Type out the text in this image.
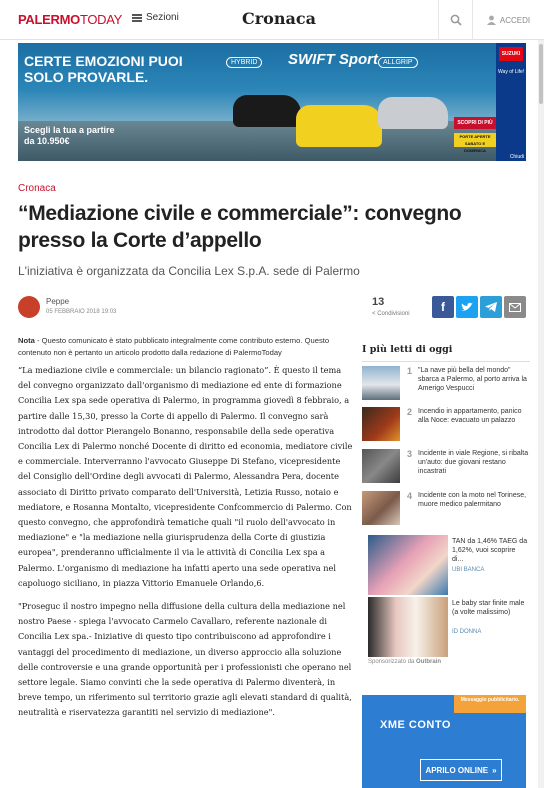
PALERMOTODAY Sezioni	Cronaca	ACCEDI
CERTE EMOZIONI PUOI SOLO PROVARLE.
HYBRID	SWIFT Sport ALLGRIP
Scegli la tua a partire da 10.950€
SUZUKI
Way of Life!
SCOPRI DI PIÙ
PORTE APERTE SABATO E DOMENICA
Chiudi
Cronaca
“Mediazione civile e commerciale”: convegno presso la Corte d’appello
L'iniziativa è organizzata da Concilia Lex S.p.A. sede di Palermo
Peppe
05 FEBBRAIO 2018 19:03
13
< Condivisioni	f
Nota - Questo comunicato è stato pubblicato integralmente come contributo esterno. Questo contenuto non è pertanto un articolo prodotto dalla redazione di PalermoToday

“La mediazione civile e commerciale: un bilancio ragionato”. È questo il tema del convegno organizzato dall'organismo di mediazione ed ente di formazione Concilia Lex spa sede operativa di Palermo, in programma giovedì 8 febbraio, a partire dalle 15,30, presso la Corte di appello di Palermo. Il convegno sarà introdotto dal dottor Pierangelo Bonanno, responsabile della sede operativa Concilia Lex di Palermo nonché Docente di diritto ed economia, mediatore civile e commerciale. Interverranno l'avvocato Giuseppe Di Stefano, vicepresidente del Consiglio dell'Ordine degli avvocati di Palermo, Alessandra Pera, docente associato di Diritto privato comparato dell'Università, Letizia Russo, notaio e mediatore, e Rosanna Montalto, vicepresidente Confcommercio di Palermo. Con questo convegno, che approfondirà tematiche quali "il ruolo dell'avvocato in mediazione" e "la mediazione nella giurisprudenza della Corte di giustizia europea", prenderanno ufficialmente il via le attività di Concilia Lex spa a Palermo. L'organismo di mediazione ha infatti aperto una sede operativa nel capoluogo siciliano, in piazza Vittorio Emanuele Orlando,6.

"Proseguc il nostro impegno nella diffusione della cultura della mediazione nel nostro Paese - spiega l'avvocato Carmelo Cavallaro, referente nazionale di Concilia Lex spa.- Iniziative di questo tipo contribuiscono ad approfondire i vantaggi del procedimento di mediazione, un diverso approccio alla soluzione delle controversie e una grande opportunità per i professionisti che operano nel settore legale. Siamo convinti che la sede operativa di Palermo diventerà, in breve tempo, un riferimento sul territorio grazie agli elevati standard di qualità, neutralità e riservatezza garantiti nel servizio di mediazione".

I più letti di oggi
1 "La nave più bella del mondo" sbarca a Palermo, al porto arriva la Amerigo Vespucci
2 Incendio in appartamento, panico alla Noce: evacuato un palazzo
3 Incidente in viale Regione, si ribalta un'auto: due giovani restano incastrati
4 Incidente con la moto nel Torinese, muore medico palermitano
TAN da 1,46% TAEG da 1,62%, vuoi scoprire di...
UBI BANCA
Le baby star finite male (a volte malissimo)
ID DONNA
Sponsorizzato da Outbrain
Messaggio pubblicitario.
XME CONTO
APRILO ONLINE »
